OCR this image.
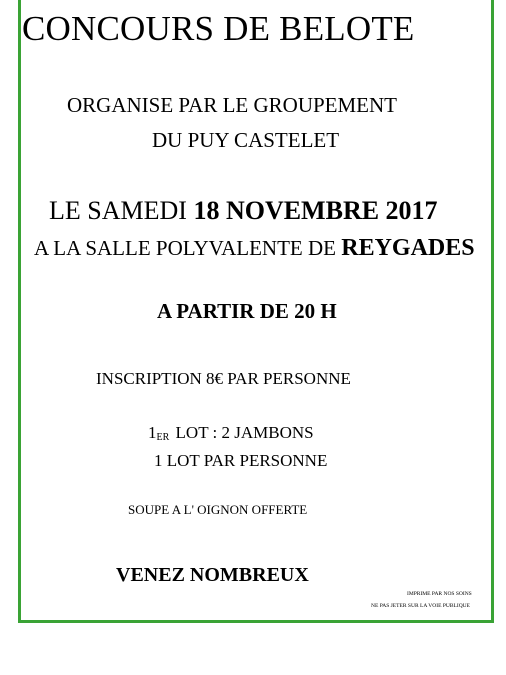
CONCOURS DE BELOTE
ORGANISE PAR LE GROUPEMENT
DU PUY CASTELET
LE SAMEDI 18 NOVEMBRE 2017
A LA SALLE POLYVALENTE DE REYGADES
A PARTIR DE 20 H
INSCRIPTION 8€ PAR PERSONNE
1ER LOT : 2 JAMBONS
1 LOT PAR PERSONNE
SOUPE A L' OIGNON OFFERTE
VENEZ NOMBREUX
IMPRIME PAR NOS SOINS
NE PAS JETER SUR LA VOIE PUBLIQUE
